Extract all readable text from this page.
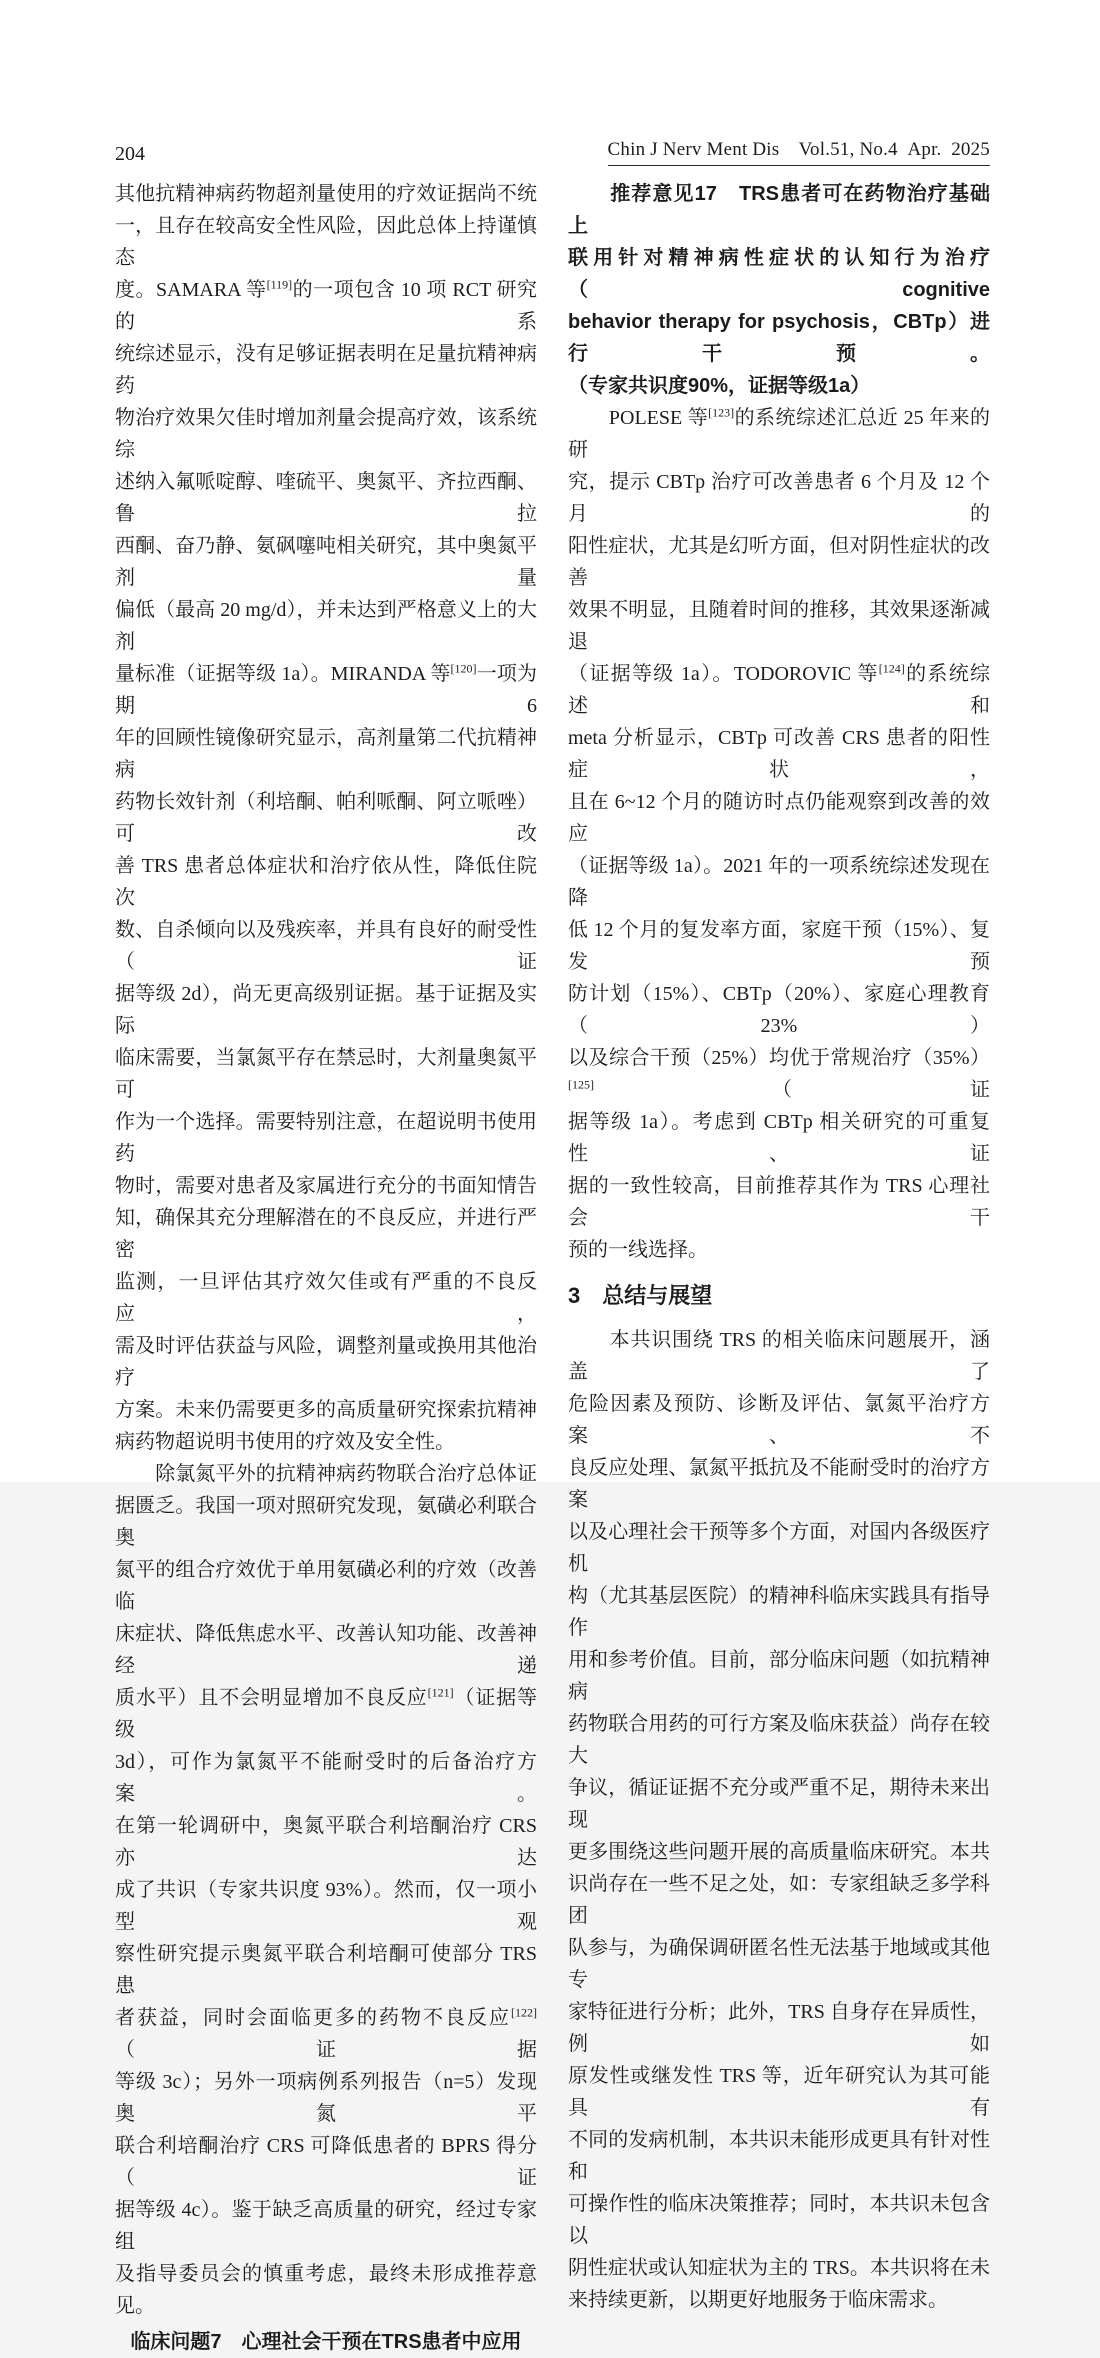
204	Chin J Nerv Ment Dis Vol.51, No.4 Apr. 2025
其他抗精神病药物超剂量使用的疗效证据尚不统
一，且存在较高安全性风险，因此总体上持谨慎态
度。SAMARA 等[119]的一项包含 10 项 RCT 研究的系
统综述显示，没有足够证据表明在足量抗精神病药
物治疗效果欠佳时增加剂量会提高疗效，该系统综
述纳入氟哌啶醇、喹硫平、奥氮平、齐拉西酮、鲁拉
西酮、奋乃静、氨砜噻吨相关研究，其中奥氮平剂量
偏低（最高 20 mg/d），并未达到严格意义上的大剂
量标准（证据等级 1a）。MIRANDA 等[120]一项为期 6
年的回顾性镜像研究显示，高剂量第二代抗精神病
药物长效针剂（利培酮、帕利哌酮、阿立哌唑）可改
善 TRS 患者总体症状和治疗依从性，降低住院次
数、自杀倾向以及残疾率，并具有良好的耐受性（证
据等级 2d），尚无更高级别证据。基于证据及实际
临床需要，当氯氮平存在禁忌时，大剂量奥氮平可
作为一个选择。需要特别注意，在超说明书使用药
物时，需要对患者及家属进行充分的书面知情告
知，确保其充分理解潜在的不良反应，并进行严密
监测，一旦评估其疗效欠佳或有严重的不良反应，
需及时评估获益与风险，调整剂量或换用其他治疗
方案。未来仍需要更多的高质量研究探索抗精神
病药物超说明书使用的疗效及安全性。
　　除氯氮平外的抗精神病药物联合治疗总体证
据匮乏。我国一项对照研究发现，氨磺必利联合奥
氮平的组合疗效优于单用氨磺必利的疗效（改善临
床症状、降低焦虑水平、改善认知功能、改善神经递
质水平）且不会明显增加不良反应[121]（证据等级
3d），可作为氯氮平不能耐受时的后备治疗方案。
在第一轮调研中，奥氮平联合利培酮治疗 CRS 亦达
成了共识（专家共识度 93%）。然而，仅一项小型观
察性研究提示奥氮平联合利培酮可使部分 TRS 患
者获益，同时会面临更多的药物不良反应[122]（证据
等级 3c）；另外一项病例系列报告（n=5）发现奥氮平
联合利培酮治疗 CRS 可降低患者的 BPRS 得分（证
据等级 4c）。鉴于缺乏高质量的研究，经过专家组
及指导委员会的慎重考虑，最终未形成推荐意见。
临床问题7　心理社会干预在TRS患者中应用
　　推荐意见17　TRS患者可在药物治疗基础上
联用针对精神病性症状的认知行为治疗（cognitive
behavior therapy for psychosis，CBTp）进行干预。
（专家共识度90%，证据等级1a）
　　POLESE 等[123]的系统综述汇总近 25 年来的研
究，提示 CBTp 治疗可改善患者 6 个月及 12 个月的
阳性症状，尤其是幻听方面，但对阴性症状的改善
效果不明显，且随着时间的推移，其效果逐渐减退
（证据等级 1a）。TODOROVIC 等[124]的系统综述和
meta 分析显示，CBTp 可改善 CRS 患者的阳性症状，
且在 6~12 个月的随访时点仍能观察到改善的效应
（证据等级 1a）。2021 年的一项系统综述发现在降
低 12 个月的复发率方面，家庭干预（15%）、复发预
防计划（15%）、CBTp（20%）、家庭心理教育（23%）
以及综合干预（25%）均优于常规治疗（35%）[125]（证
据等级 1a）。考虑到 CBTp 相关研究的可重复性、证
据的一致性较高，目前推荐其作为 TRS 心理社会干
预的一线选择。
3　总结与展望
　　本共识围绕 TRS 的相关临床问题展开，涵盖了
危险因素及预防、诊断及评估、氯氮平治疗方案、不
良反应处理、氯氮平抵抗及不能耐受时的治疗方案
以及心理社会干预等多个方面，对国内各级医疗机
构（尤其基层医院）的精神科临床实践具有指导作
用和参考价值。目前，部分临床问题（如抗精神病
药物联合用药的可行方案及临床获益）尚存在较大
争议，循证证据不充分或严重不足，期待未来出现
更多围绕这些问题开展的高质量临床研究。本共
识尚存在一些不足之处，如：专家组缺乏多学科团
队参与，为确保调研匿名性无法基于地域或其他专
家特征进行分析；此外，TRS 自身存在异质性，例如
原发性或继发性 TRS 等，近年研究认为其可能具有
不同的发病机制，本共识未能形成更具有针对性和
可操作性的临床决策推荐；同时，本共识未包含以
阴性症状或认知症状为主的 TRS。本共识将在未
来持续更新，以期更好地服务于临床需求。
